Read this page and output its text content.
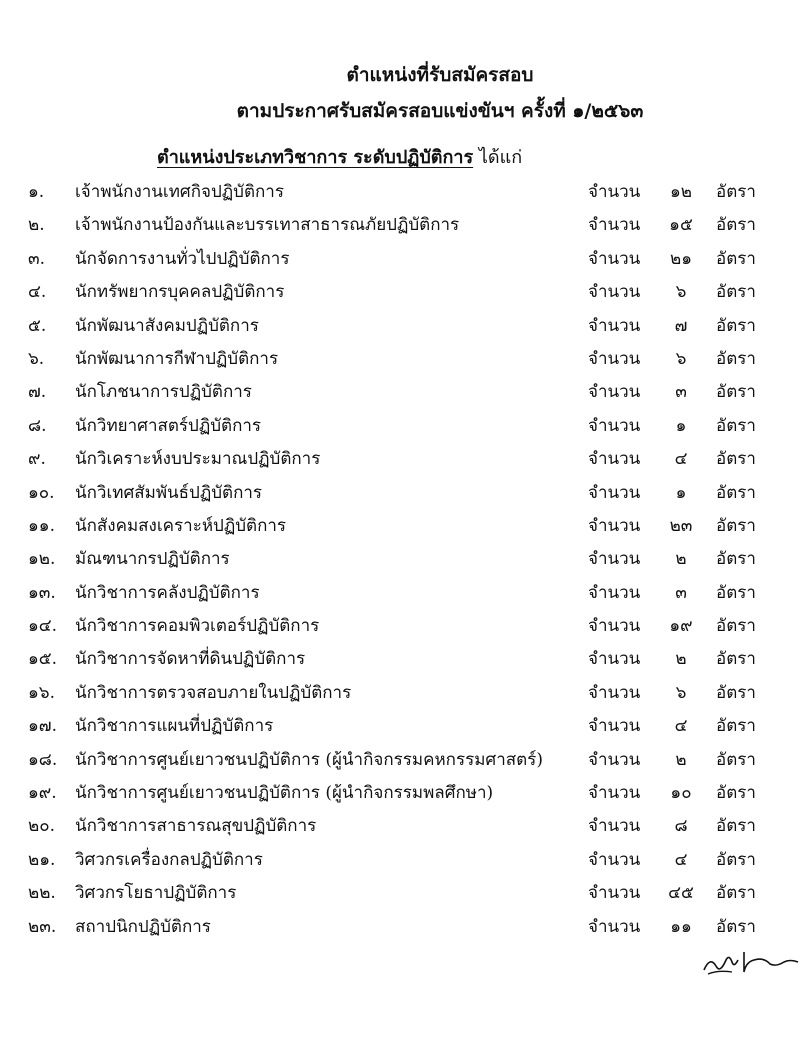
ตำแหน่งที่รับสมัครสอบ
ตามประกาศรับสมัครสอบแข่งขันฯ ครั้งที่ ๑/๒๕๖๓
ตำแหน่งประเภทวิชาการ ระดับปฏิบัติการ ได้แก่
๑. เจ้าพนักงานเทศกิจปฏิบัติการ	จำนวน	๑๒	อัตรา
๒. เจ้าพนักงานป้องกันและบรรเทาสาธารณภัยปฏิบัติการ	จำนวน	๑๕	อัตรา
๓. นักจัดการงานทั่วไปปฏิบัติการ	จำนวน	๒๑	อัตรา
๔. นักทรัพยากรบุคคลปฏิบัติการ	จำนวน	๖	อัตรา
๕. นักพัฒนาสังคมปฏิบัติการ	จำนวน	๗	อัตรา
๖. นักพัฒนาการกีฬาปฏิบัติการ	จำนวน	๖	อัตรา
๗. นักโภชนาการปฏิบัติการ	จำนวน	๓	อัตรา
๘. นักวิทยาศาสตร์ปฏิบัติการ	จำนวน	๑	อัตรา
๙. นักวิเคราะห์งบประมาณปฏิบัติการ	จำนวน	๔	อัตรา
๑๐. นักวิเทศสัมพันธ์ปฏิบัติการ	จำนวน	๑	อัตรา
๑๑. นักสังคมสงเคราะห์ปฏิบัติการ	จำนวน	๒๓	อัตรา
๑๒. มัณฑนากรปฏิบัติการ	จำนวน	๒	อัตรา
๑๓. นักวิชาการคลังปฏิบัติการ	จำนวน	๓	อัตรา
๑๔. นักวิชาการคอมพิวเตอร์ปฏิบัติการ	จำนวน	๑๙	อัตรา
๑๕. นักวิชาการจัดหาที่ดินปฏิบัติการ	จำนวน	๒	อัตรา
๑๖. นักวิชาการตรวจสอบภายในปฏิบัติการ	จำนวน	๖	อัตรา
๑๗. นักวิชาการแผนที่ปฏิบัติการ	จำนวน	๔	อัตรา
๑๘. นักวิชาการศูนย์เยาวชนปฏิบัติการ (ผู้นำกิจกรรมคหกรรมศาสตร์)	จำนวน	๒	อัตรา
๑๙. นักวิชาการศูนย์เยาวชนปฏิบัติการ (ผู้นำกิจกรรมพลศึกษา)	จำนวน	๑๐	อัตรา
๒๐. นักวิชาการสาธารณสุขปฏิบัติการ	จำนวน	๘	อัตรา
๒๑. วิศวกรเครื่องกลปฏิบัติการ	จำนวน	๔	อัตรา
๒๒. วิศวกรโยธาปฏิบัติการ	จำนวน	๔๕	อัตรา
๒๓. สถาปนิกปฏิบัติการ	จำนวน	๑๑	อัตรา
